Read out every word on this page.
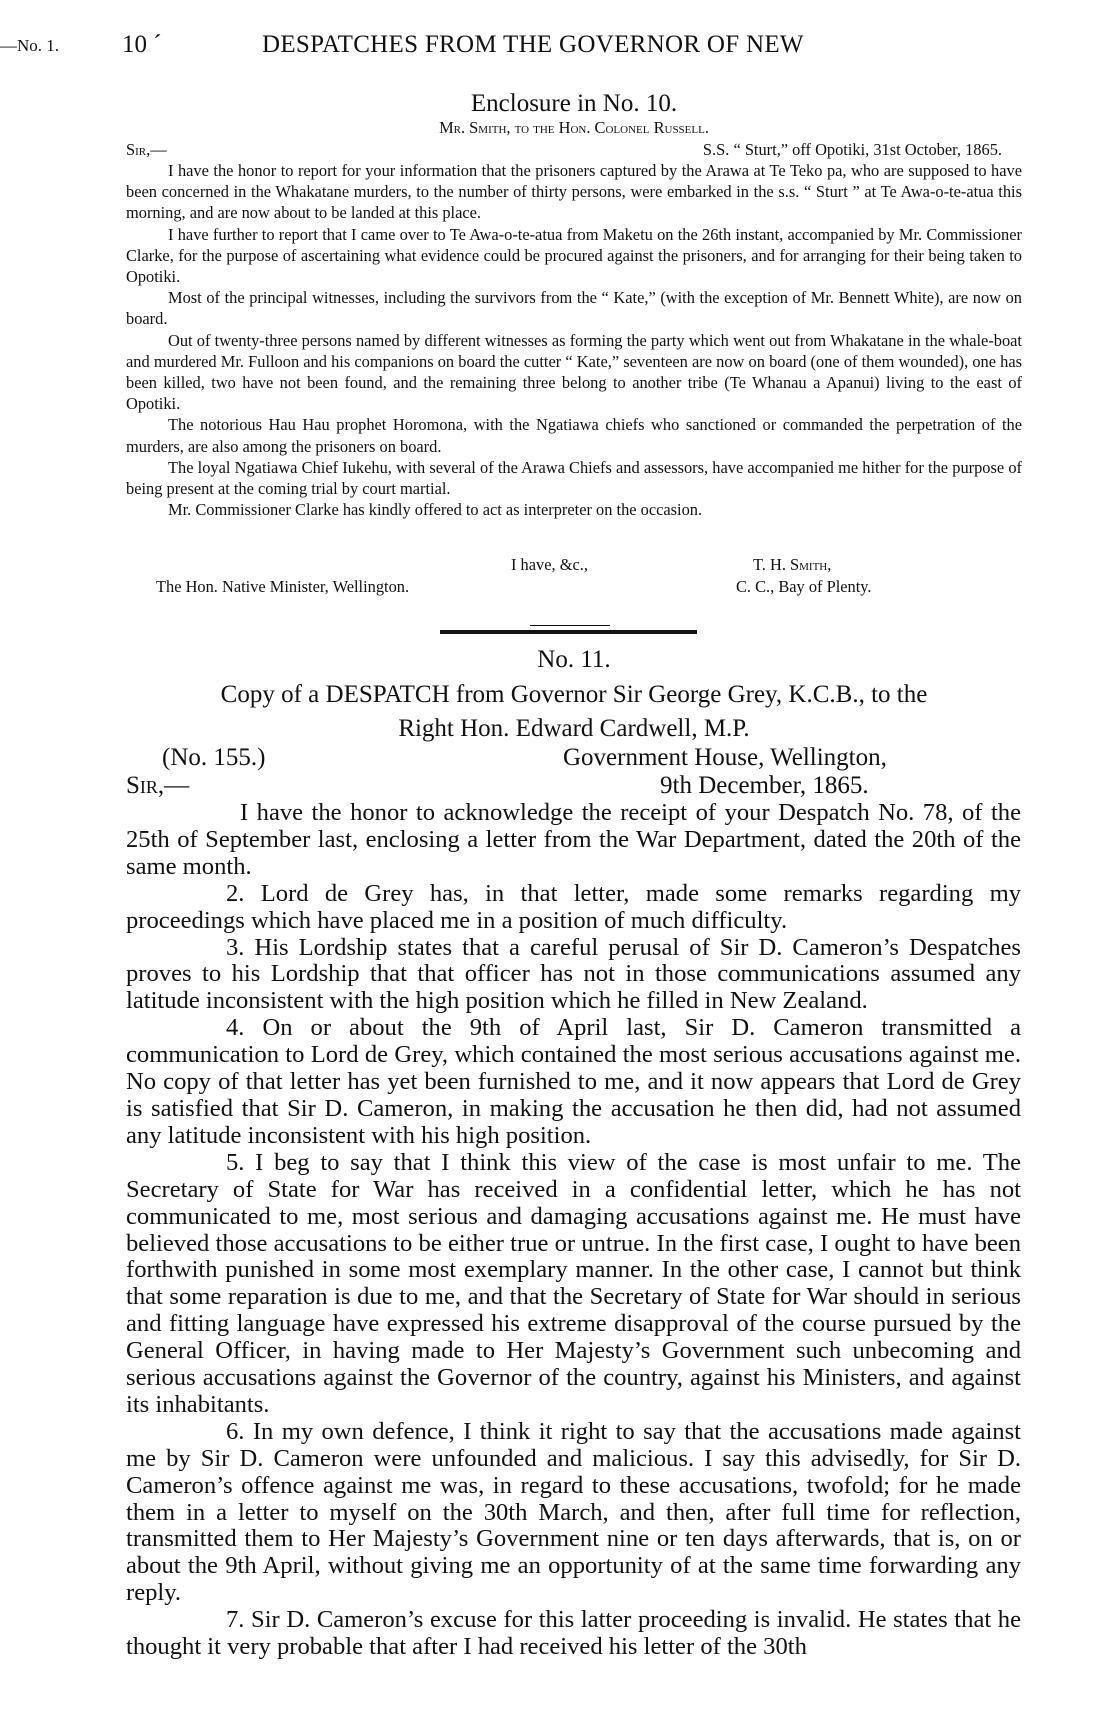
—No. 1.	10 ´	DESPATCHES FROM THE GOVERNOR OF NEW
Enclosure in No. 10.
Mr. Smith, to the Hon. Colonel Russell.
Sir,—	S.S. “ Sturt,” off Opotiki, 31st October, 1865.

I have the honor to report for your information that the prisoners captured by the Arawa at Te Teko pa, who are supposed to have been concerned in the Whakatane murders, to the number of thirty persons, were embarked in the s.s. “ Sturt ” at Te Awa-o-te-atua this morning, and are now about to be landed at this place.

I have further to report that I came over to Te Awa-o-te-atua from Maketu on the 26th instant, accompanied by Mr. Commissioner Clarke, for the purpose of ascertaining what evidence could be procured against the prisoners, and for arranging for their being taken to Opotiki.

Most of the principal witnesses, including the survivors from the “ Kate,” (with the exception of Mr. Bennett White), are now on board.

Out of twenty-three persons named by different witnesses as forming the party which went out from Whakatane in the whale-boat and murdered Mr. Fulloon and his companions on board the cutter “ Kate,” seventeen are now on board (one of them wounded), one has been killed, two have not been found, and the remaining three belong to another tribe (Te Whanau a Apanui) living to the east of Opotiki.

The notorious Hau Hau prophet Horomona, with the Ngatiawa chiefs who sanctioned or commanded the perpetration of the murders, are also among the prisoners on board.

The loyal Ngatiawa Chief Iukehu, with several of the Arawa Chiefs and assessors, have accompanied me hither for the purpose of being present at the coming trial by court martial.

Mr. Commissioner Clarke has kindly offered to act as interpreter on the occasion.

I have, &c.,	T. H. Smith,
The Hon. Native Minister, Wellington.	C. C., Bay of Plenty.
No. 11.
Copy of a DESPATCH from Governor Sir George Grey, K.C.B., to the
Right Hon. Edward Cardwell, M.P.
(No. 155.)	Government House, Wellington,
Sir,—	9th December, 1865.

I have the honor to acknowledge the receipt of your Despatch No. 78, of the 25th of September last, enclosing a letter from the War Department, dated the 20th of the same month.

2. Lord de Grey has, in that letter, made some remarks regarding my proceedings which have placed me in a position of much difficulty.

3. His Lordship states that a careful perusal of Sir D. Cameron’s Despatches proves to his Lordship that that officer has not in those communications assumed any latitude inconsistent with the high position which he filled in New Zealand.

4. On or about the 9th of April last, Sir D. Cameron transmitted a communication to Lord de Grey, which contained the most serious accusations against me. No copy of that letter has yet been furnished to me, and it now appears that Lord de Grey is satisfied that Sir D. Cameron, in making the accusation he then did, had not assumed any latitude inconsistent with his high position.

5. I beg to say that I think this view of the case is most unfair to me. The Secretary of State for War has received in a confidential letter, which he has not communicated to me, most serious and damaging accusations against me. He must have believed those accusations to be either true or untrue. In the first case, I ought to have been forthwith punished in some most exemplary manner. In the other case, I cannot but think that some reparation is due to me, and that the Secretary of State for War should in serious and fitting language have expressed his extreme disapproval of the course pursued by the General Officer, in having made to Her Majesty’s Government such unbecoming and serious accusations against the Governor of the country, against his Ministers, and against its inhabitants.

6. In my own defence, I think it right to say that the accusations made against me by Sir D. Cameron were unfounded and malicious. I say this advisedly, for Sir D. Cameron’s offence against me was, in regard to these accusations, twofold; for he made them in a letter to myself on the 30th March, and then, after full time for reflection, transmitted them to Her Majesty’s Government nine or ten days afterwards, that is, on or about the 9th April, without giving me an opportunity of at the same time forwarding any reply.

7. Sir D. Cameron’s excuse for this latter proceeding is invalid. He states that he thought it very probable that after I had received his letter of the 30th
